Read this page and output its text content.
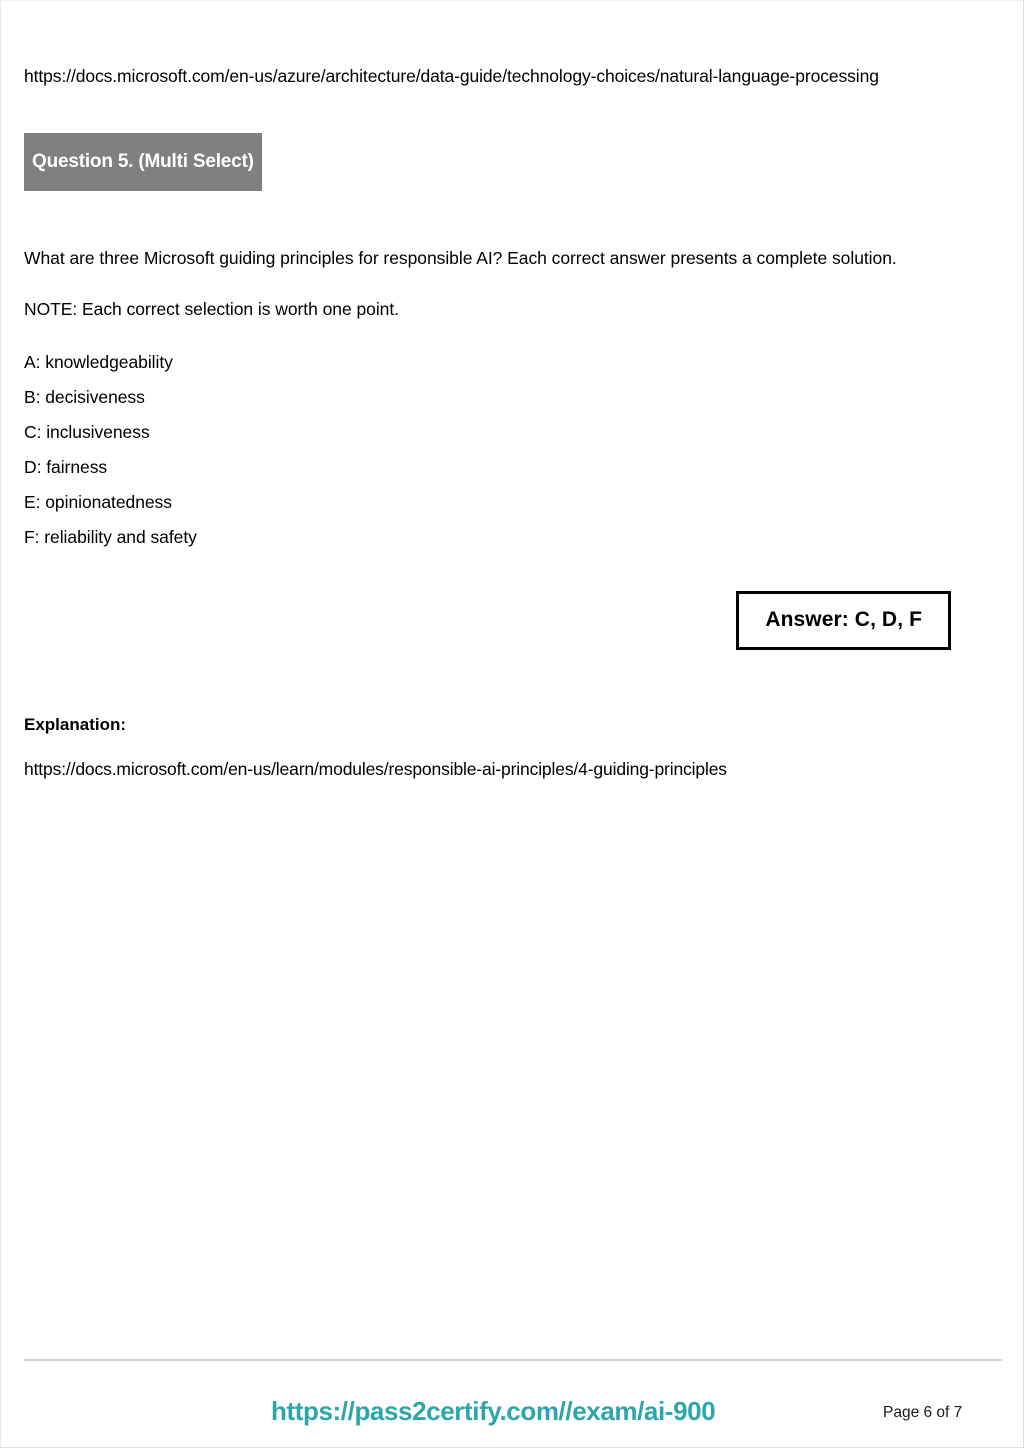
https://docs.microsoft.com/en-us/azure/architecture/data-guide/technology-choices/natural-language-processing

Question 5. (Multi Select)

What are three Microsoft guiding principles for responsible AI? Each correct answer presents a complete solution.

NOTE: Each correct selection is worth one point.

A: knowledgeability
B: decisiveness
C: inclusiveness
D: fairness
E: opinionatedness
F: reliability and safety
Answer: C, D, F

Explanation:

https://docs.microsoft.com/en-us/learn/modules/responsible-ai-principles/4-guiding-principles

https://pass2certify.com//exam/ai-900	Page 6 of 7
